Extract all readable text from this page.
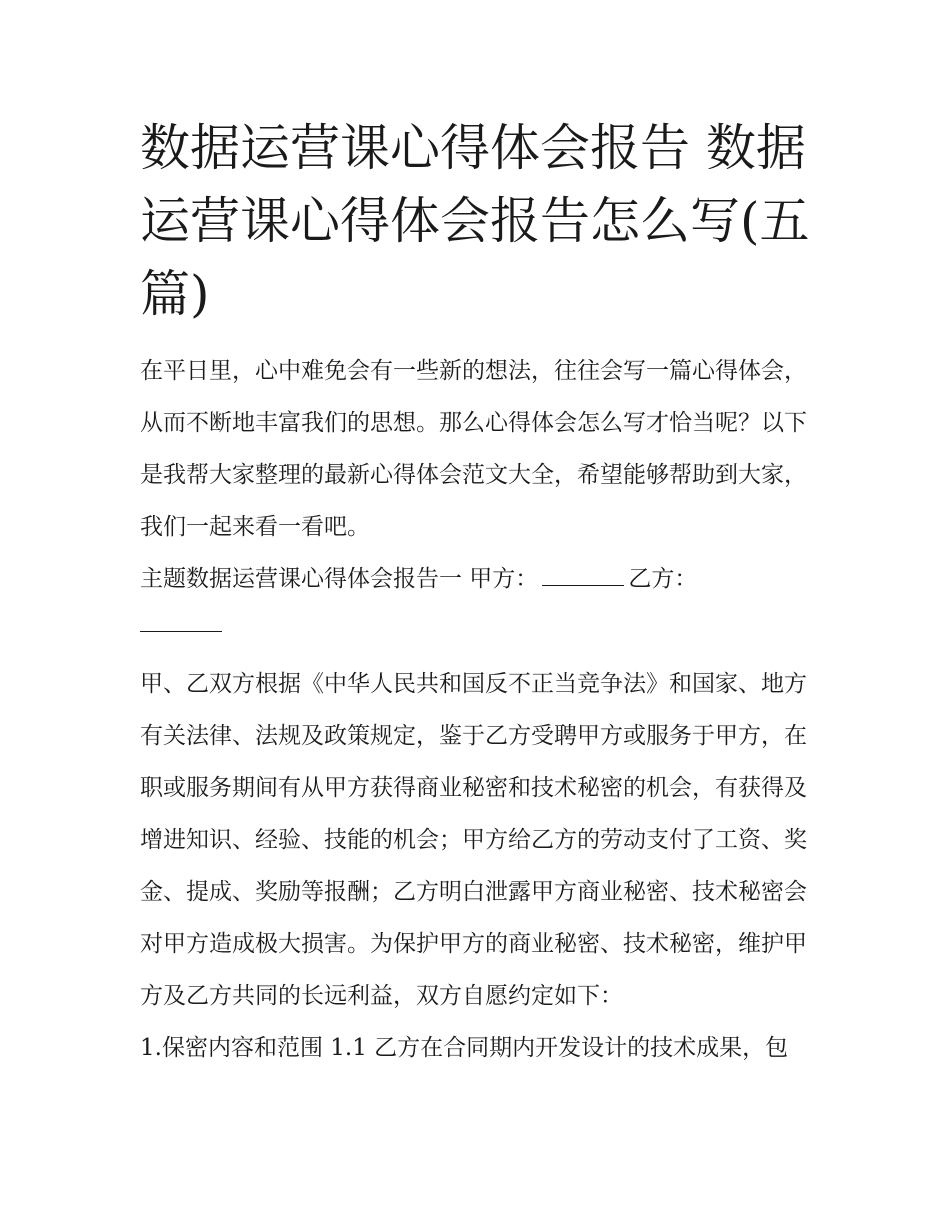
数据运营课心得体会报告 数据运营课心得体会报告怎么写(五篇)

在平日里，心中难免会有一些新的想法，往往会写一篇心得体会，从而不断地丰富我们的思想。那么心得体会怎么写才恰当呢？以下是我帮大家整理的最新心得体会范文大全，希望能够帮助到大家，我们一起来看一看吧。

主题数据运营课心得体会报告一 甲方：	乙方：

甲、乙双方根据《中华人民共和国反不正当竞争法》和国家、地方有关法律、法规及政策规定，鉴于乙方受聘甲方或服务于甲方，在职或服务期间有从甲方获得商业秘密和技术秘密的机会，有获得及增进知识、经验、技能的机会；甲方给乙方的劳动支付了工资、奖金、提成、奖励等报酬；乙方明白泄露甲方商业秘密、技术秘密会对甲方造成极大损害。为保护甲方的商业秘密、技术秘密，维护甲方及乙方共同的长远利益，双方自愿约定如下：

1.保密内容和范围 1.1 乙方在合同期内开发设计的技术成果，包
